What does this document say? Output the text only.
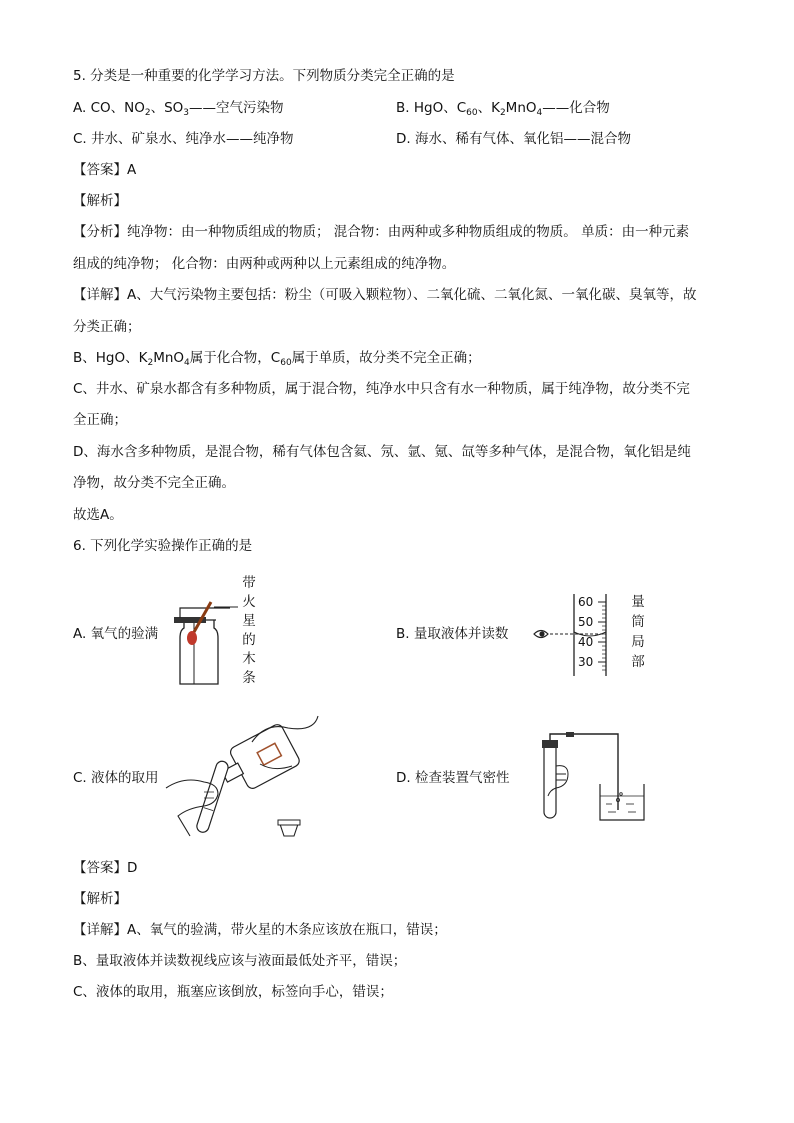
5. 分类是一种重要的化学学习方法。下列物质分类完全正确的是
A. CO、$NO_2$、$SO_3——$空气污染物	B. HgO、$C_{60}$、$K_2MnO_4——$化合物
C. 井水、矿泉水、纯净水——纯净物	D. 海水、稀有气体、氧化铝——混合物
【答案】A
【解析】
【分析】纯净物：由一种物质组成的物质； 混合物：由两种或多种物质组成的物质。 单质：由一种元素
组成的纯净物； 化合物：由两种或两种以上元素组成的纯净物。
【详解】A、大气污染物主要包括：粉尘（可吸入颗粒物）、二氧化硫、二氧化氮、一氧化碳、臭氧等，故
分类正确；
B、HgO、$K_2MnO_4$属于化合物，$C_{60}$属于单质，故分类不完全正确；
C、井水、矿泉水都含有多种物质，属于混合物，纯净水中只含有水一种物质，属于纯净物，故分类不完
全正确；
D、海水含多种物质，是混合物，稀有气体包含氦、氖、氩、氪、氙等多种气体，是混合物，氧化铝是纯
净物，故分类不完全正确。
故选A。
6. 下列化学实验操作正确的是
A. 氧气的验满
带
火
星
的
木
条
B. 量取液体并读数
60
50
40
30
量
筒
局
部
C. 液体的取用	D. 检查装置气密性
【答案】D
【解析】
【详解】A、氧气的验满，带火星的木条应该放在瓶口，错误；
B、量取液体并读数视线应该与液面最低处齐平，错误；
C、液体的取用，瓶塞应该倒放，标签向手心，错误；
